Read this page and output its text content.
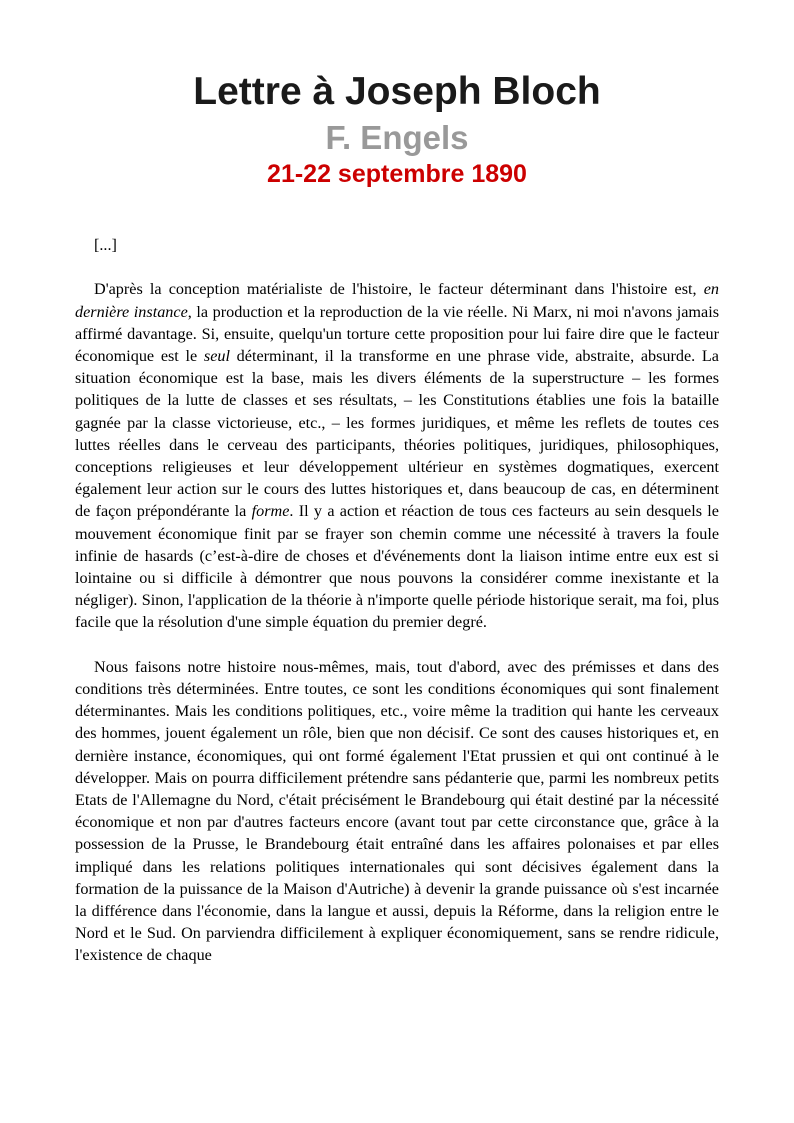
Lettre à Joseph Bloch
F. Engels
21-22 septembre 1890

[...]

D'après la conception matérialiste de l'histoire, le facteur déterminant dans l'histoire est, en dernière instance, la production et la reproduction de la vie réelle. Ni Marx, ni moi n'avons jamais affirmé davantage. Si, ensuite, quelqu'un torture cette proposition pour lui faire dire que le facteur économique est le seul déterminant, il la transforme en une phrase vide, abstraite, absurde. La situation économique est la base, mais les divers éléments de la superstructure – les formes politiques de la lutte de classes et ses résultats, – les Constitutions établies une fois la bataille gagnée par la classe victorieuse, etc., – les formes juridiques, et même les reflets de toutes ces luttes réelles dans le cerveau des participants, théories politiques, juridiques, philosophiques, conceptions religieuses et leur développement ultérieur en systèmes dogmatiques, exercent également leur action sur le cours des luttes historiques et, dans beaucoup de cas, en déterminent de façon prépondérante la forme. Il y a action et réaction de tous ces facteurs au sein desquels le mouvement économique finit par se frayer son chemin comme une nécessité à travers la foule infinie de hasards (c’est-à-dire de choses et d'événements dont la liaison intime entre eux est si lointaine ou si difficile à démontrer que nous pouvons la considérer comme inexistante et la négliger). Sinon, l'application de la théorie à n'importe quelle période historique serait, ma foi, plus facile que la résolution d'une simple équation du premier degré.

Nous faisons notre histoire nous-mêmes, mais, tout d'abord, avec des prémisses et dans des conditions très déterminées. Entre toutes, ce sont les conditions économiques qui sont finalement déterminantes. Mais les conditions politiques, etc., voire même la tradition qui hante les cerveaux des hommes, jouent également un rôle, bien que non décisif. Ce sont des causes historiques et, en dernière instance, économiques, qui ont formé également l'Etat prussien et qui ont continué à le développer. Mais on pourra difficilement prétendre sans pédanterie que, parmi les nombreux petits Etats de l'Allemagne du Nord, c'était précisément le Brandebourg qui était destiné par la nécessité économique et non par d'autres facteurs encore (avant tout par cette circonstance que, grâce à la possession de la Prusse, le Brandebourg était entraîné dans les affaires polonaises et par elles impliqué dans les relations politiques internationales qui sont décisives également dans la formation de la puissance de la Maison d'Autriche) à devenir la grande puissance où s'est incarnée la différence dans l'économie, dans la langue et aussi, depuis la Réforme, dans la religion entre le Nord et le Sud. On parviendra difficilement à expliquer économiquement, sans se rendre ridicule, l'existence de chaque
